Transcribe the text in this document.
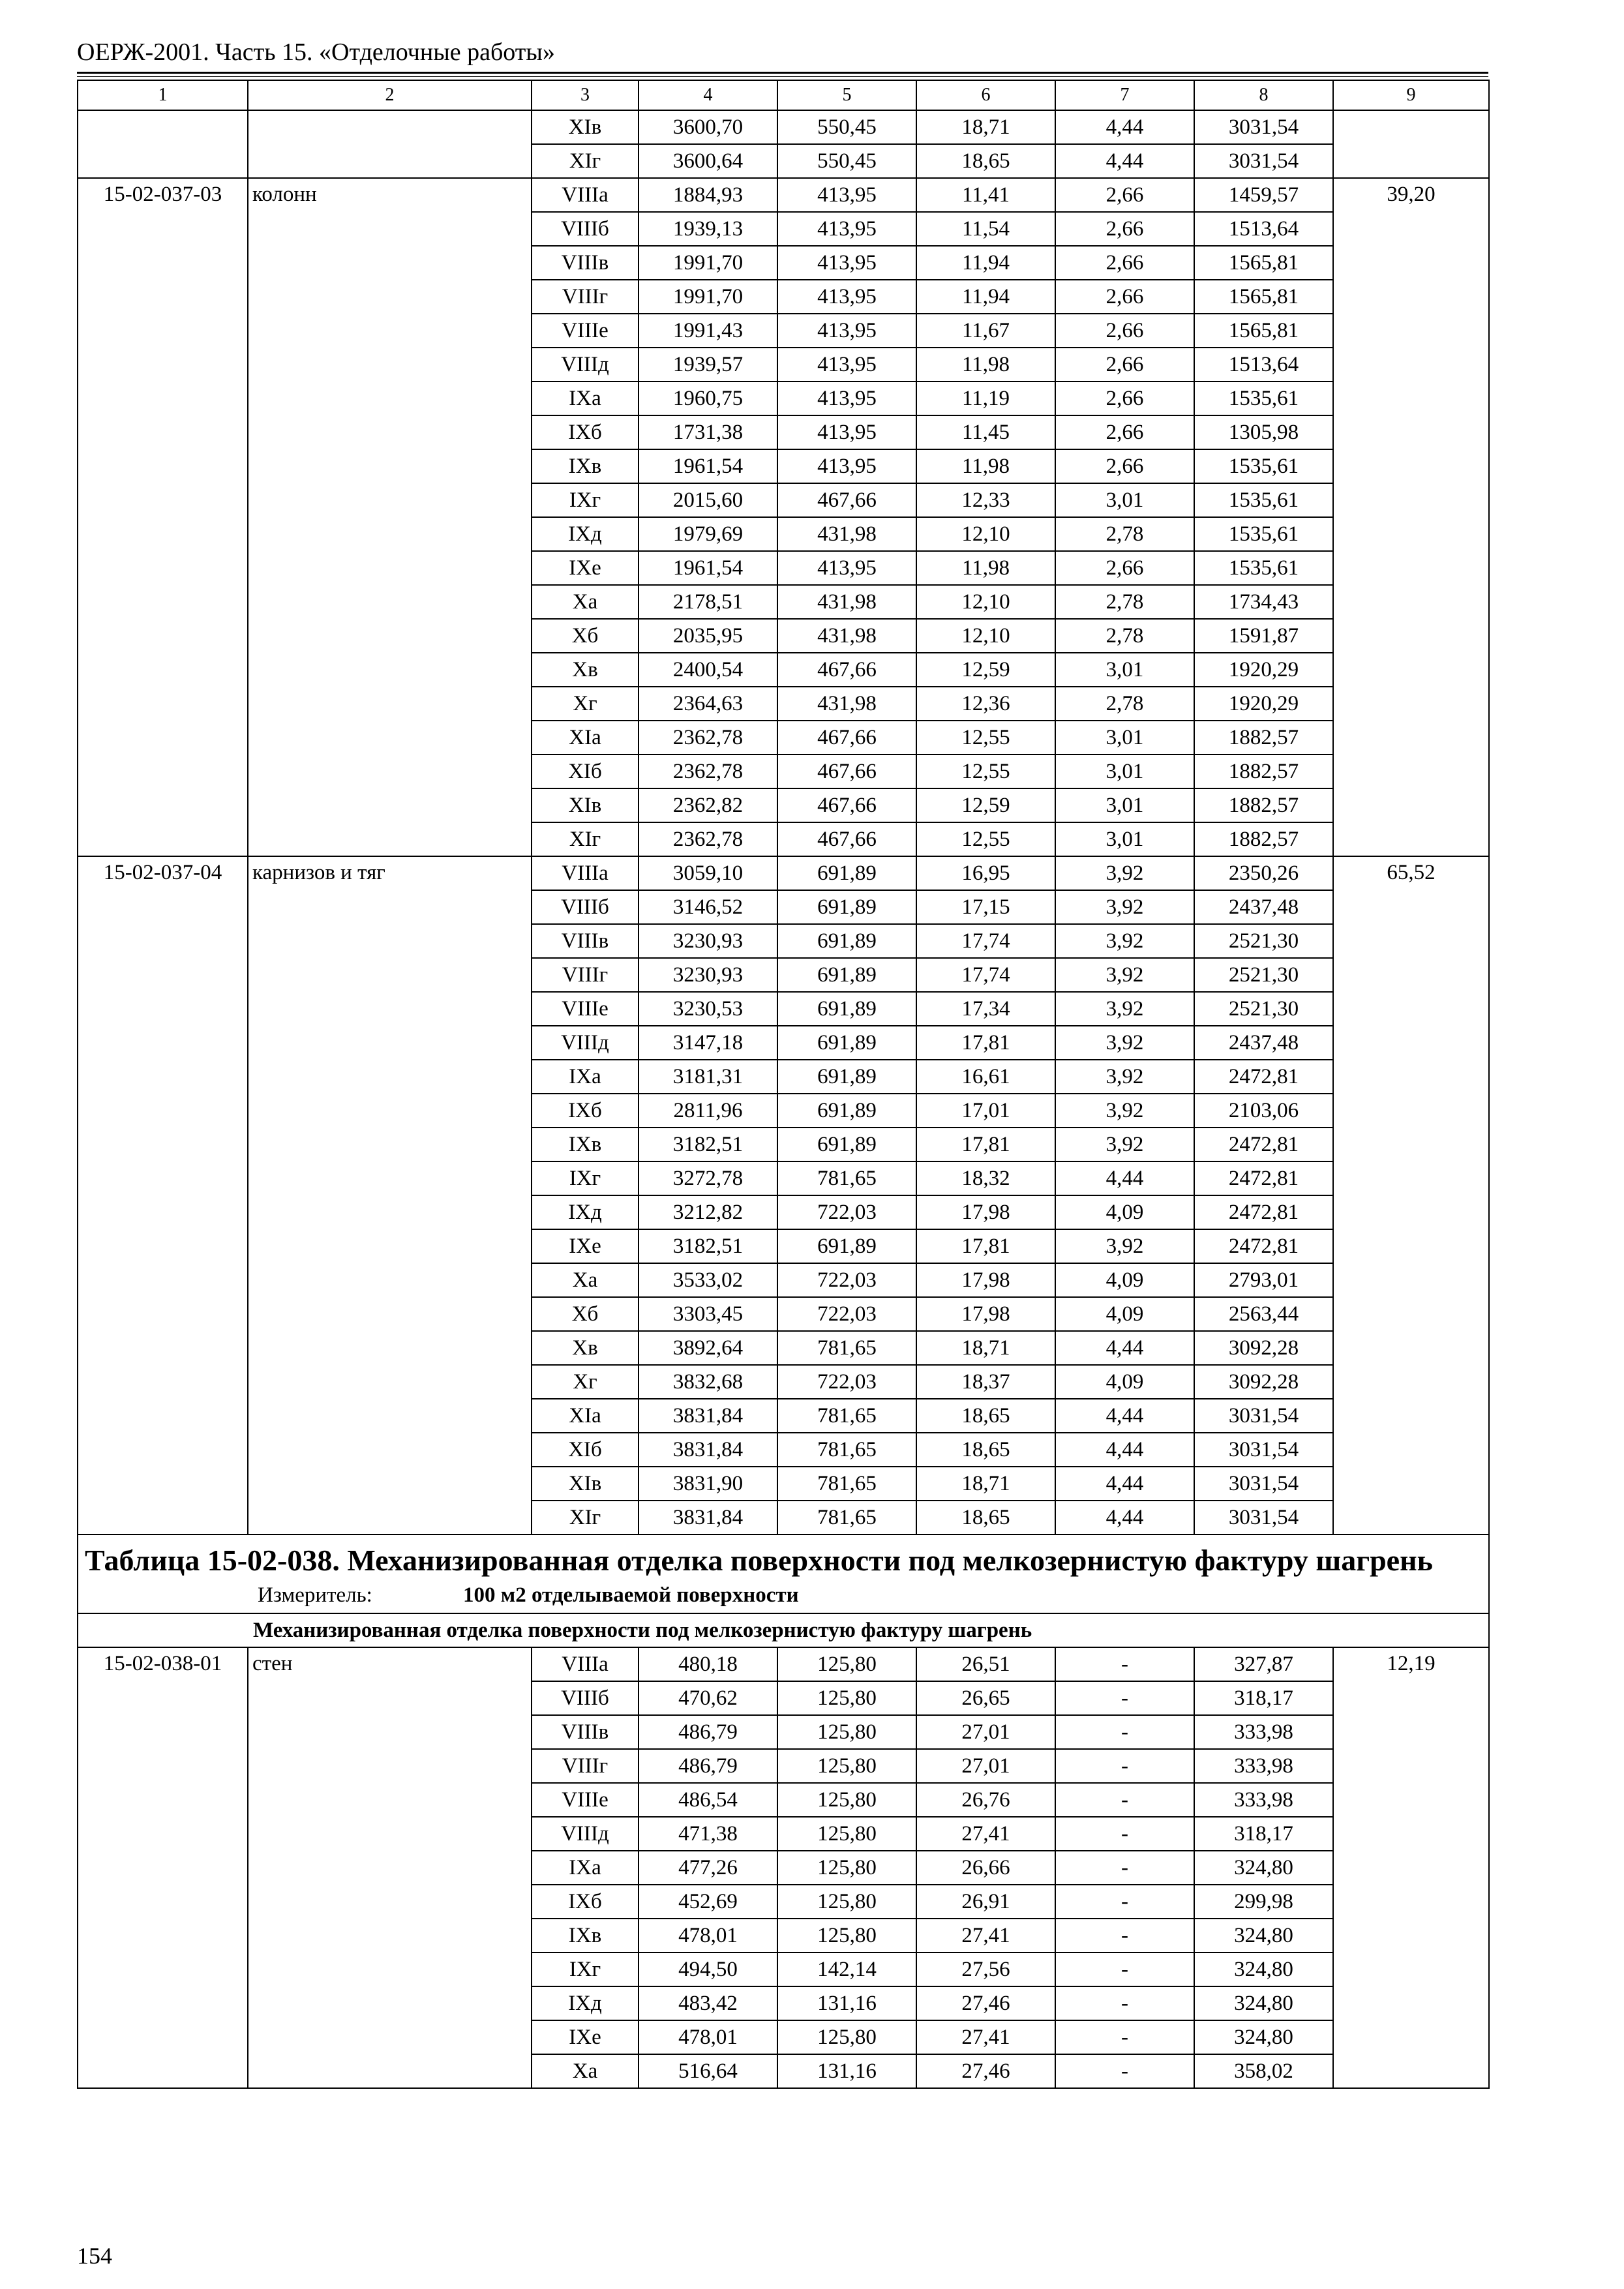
ОЕРЖ-2001. Часть 15. «Отделочные работы»
1	2	3	4	5	6	7	8	9
		XIв	3600,70	550,45	18,71	4,44	3031,54	
		XIг	3600,64	550,45	18,65	4,44	3031,54	
15-02-037-03	колонн	VIIIа	1884,93	413,95	11,41	2,66	1459,57	39,20
		VIIIб	1939,13	413,95	11,54	2,66	1513,64	
		VIIIв	1991,70	413,95	11,94	2,66	1565,81	
		VIIIг	1991,70	413,95	11,94	2,66	1565,81	
		VIIIе	1991,43	413,95	11,67	2,66	1565,81	
		VIIIд	1939,57	413,95	11,98	2,66	1513,64	
		IXа	1960,75	413,95	11,19	2,66	1535,61	
		IXб	1731,38	413,95	11,45	2,66	1305,98	
		IXв	1961,54	413,95	11,98	2,66	1535,61	
		IXг	2015,60	467,66	12,33	3,01	1535,61	
		IXд	1979,69	431,98	12,10	2,78	1535,61	
		IXе	1961,54	413,95	11,98	2,66	1535,61	
		Xа	2178,51	431,98	12,10	2,78	1734,43	
		Xб	2035,95	431,98	12,10	2,78	1591,87	
		Xв	2400,54	467,66	12,59	3,01	1920,29	
		Xг	2364,63	431,98	12,36	2,78	1920,29	
		XIа	2362,78	467,66	12,55	3,01	1882,57	
		XIб	2362,78	467,66	12,55	3,01	1882,57	
		XIв	2362,82	467,66	12,59	3,01	1882,57	
		XIг	2362,78	467,66	12,55	3,01	1882,57	
15-02-037-04	карнизов и тяг	VIIIа	3059,10	691,89	16,95	3,92	2350,26	65,52
		VIIIб	3146,52	691,89	17,15	3,92	2437,48	
		VIIIв	3230,93	691,89	17,74	3,92	2521,30	
		VIIIг	3230,93	691,89	17,74	3,92	2521,30	
		VIIIе	3230,53	691,89	17,34	3,92	2521,30	
		VIIIд	3147,18	691,89	17,81	3,92	2437,48	
		IXа	3181,31	691,89	16,61	3,92	2472,81	
		IXб	2811,96	691,89	17,01	3,92	2103,06	
		IXв	3182,51	691,89	17,81	3,92	2472,81	
		IXг	3272,78	781,65	18,32	4,44	2472,81	
		IXд	3212,82	722,03	17,98	4,09	2472,81	
		IXе	3182,51	691,89	17,81	3,92	2472,81	
		Xа	3533,02	722,03	17,98	4,09	2793,01	
		Xб	3303,45	722,03	17,98	4,09	2563,44	
		Xв	3892,64	781,65	18,71	4,44	3092,28	
		Xг	3832,68	722,03	18,37	4,09	3092,28	
		XIа	3831,84	781,65	18,65	4,44	3031,54	
		XIб	3831,84	781,65	18,65	4,44	3031,54	
		XIв	3831,90	781,65	18,71	4,44	3031,54	
		XIг	3831,84	781,65	18,65	4,44	3031,54	

Таблица 15-02-038. Механизированная отделка поверхности под мелкозернистую фактуру шагрень
Измеритель: 100 м2 отделываемой поверхности								

Механизированная отделка поверхности под мелкозернистую фактуру шагрень								
15-02-038-01	стен	VIIIа	480,18	125,80	26,51	-	327,87	12,19
		VIIIб	470,62	125,80	26,65	-	318,17	
		VIIIв	486,79	125,80	27,01	-	333,98	
		VIIIг	486,79	125,80	27,01	-	333,98	
		VIIIе	486,54	125,80	26,76	-	333,98	
		VIIIд	471,38	125,80	27,41	-	318,17	
		IXа	477,26	125,80	26,66	-	324,80	
		IXб	452,69	125,80	26,91	-	299,98	
		IXв	478,01	125,80	27,41	-	324,80	
		IXг	494,50	142,14	27,56	-	324,80	
		IXд	483,42	131,16	27,46	-	324,80	
		IXе	478,01	125,80	27,41	-	324,80	
		Xа	516,64	131,16	27,46	-	358,02	
154
